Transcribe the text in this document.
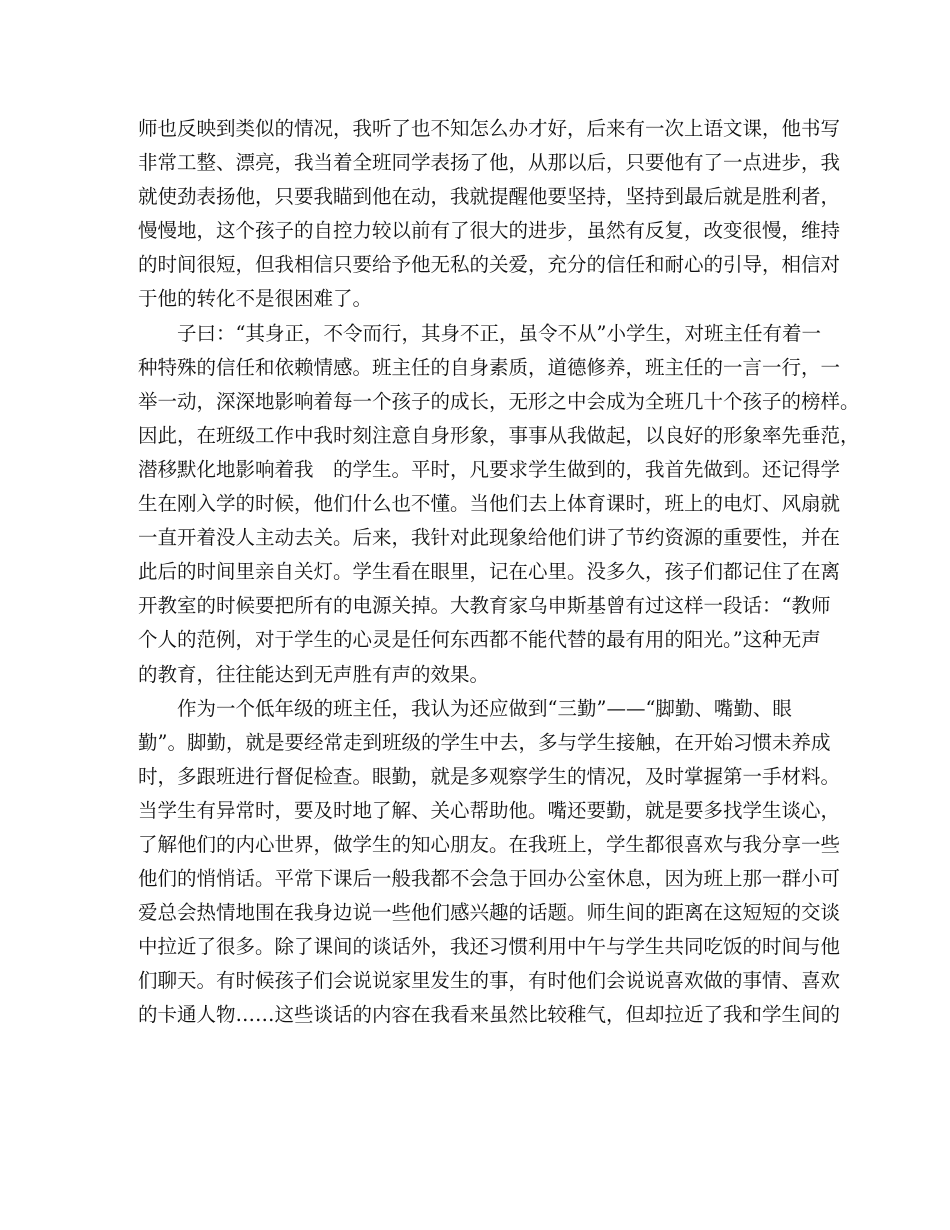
师也反映到类似的情况，我听了也不知怎么办才好，后来有一次上语文课，他书写
非常工整、漂亮，我当着全班同学表扬了他，从那以后，只要他有了一点进步，我
就使劲表扬他，只要我瞄到他在动，我就提醒他要坚持，坚持到最后就是胜利者，
慢慢地，这个孩子的自控力较以前有了很大的进步，虽然有反复，改变很慢，维持
的时间很短，但我相信只要给予他无私的关爱，充分的信任和耐心的引导，相信对
于他的转化不是很困难了。
子曰：“其身正，不令而行，其身不正，虽令不从”小学生，对班主任有着一
种特殊的信任和依赖情感。班主任的自身素质，道德修养，班主任的一言一行，一
举一动，深深地影响着每一个孩子的成长，无形之中会成为全班几十个孩子的榜样。
因此，在班级工作中我时刻注意自身形象，事事从我做起，以良好的形象率先垂范，
潜移默化地影响着我　的学生。平时，凡要求学生做到的，我首先做到。还记得学
生在刚入学的时候，他们什么也不懂。当他们去上体育课时，班上的电灯、风扇就
一直开着没人主动去关。后来，我针对此现象给他们讲了节约资源的重要性，并在
此后的时间里亲自关灯。学生看在眼里，记在心里。没多久，孩子们都记住了在离
开教室的时候要把所有的电源关掉。大教育家乌申斯基曾有过这样一段话：“教师
个人的范例，对于学生的心灵是任何东西都不能代替的最有用的阳光。”这种无声
的教育，往往能达到无声胜有声的效果。
作为一个低年级的班主任，我认为还应做到“三勤”——“脚勤、嘴勤、眼
勤”。脚勤，就是要经常走到班级的学生中去，多与学生接触，在开始习惯未养成
时，多跟班进行督促检查。眼勤，就是多观察学生的情况，及时掌握第一手材料。
当学生有异常时，要及时地了解、关心帮助他。嘴还要勤，就是要多找学生谈心，
了解他们的内心世界，做学生的知心朋友。在我班上，学生都很喜欢与我分享一些
他们的悄悄话。平常下课后一般我都不会急于回办公室休息，因为班上那一群小可
爱总会热情地围在我身边说一些他们感兴趣的话题。师生间的距离在这短短的交谈
中拉近了很多。除了课间的谈话外，我还习惯利用中午与学生共同吃饭的时间与他
们聊天。有时候孩子们会说说家里发生的事，有时他们会说说喜欢做的事情、喜欢
的卡通人物……这些谈话的内容在我看来虽然比较稚气，但却拉近了我和学生间的
